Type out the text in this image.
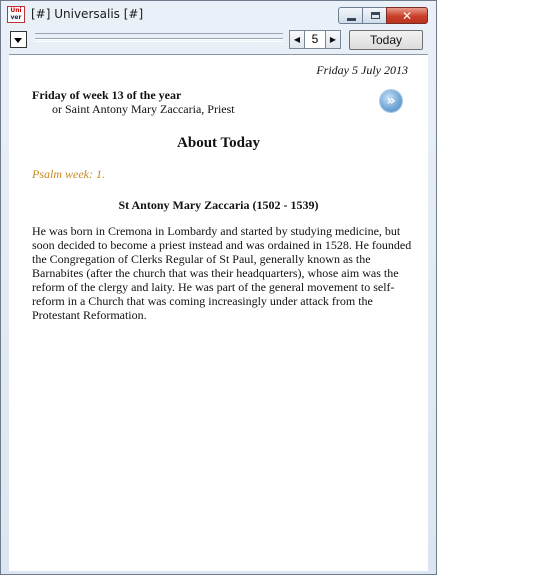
Uni
ver [#] Universalis [#]	✕
◀ 5	▶	Today
Friday 5 July 2013
Friday of week 13 of the year
or Saint Antony Mary Zaccaria, Priest	»
About Today
Psalm week: 1.
St Antony Mary Zaccaria (1502 - 1539)
He was born in Cremona in Lombardy and started by studying medicine, but soon decided to become a priest instead and was ordained in 1528. He founded the Congregation of Clerks Regular of St Paul, generally known as the Barnabites (after the church that was their headquarters), whose aim was the reform of the clergy and laity. He was part of the general movement to self-reform in a Church that was coming increasingly under attack from the Protestant Reformation.
